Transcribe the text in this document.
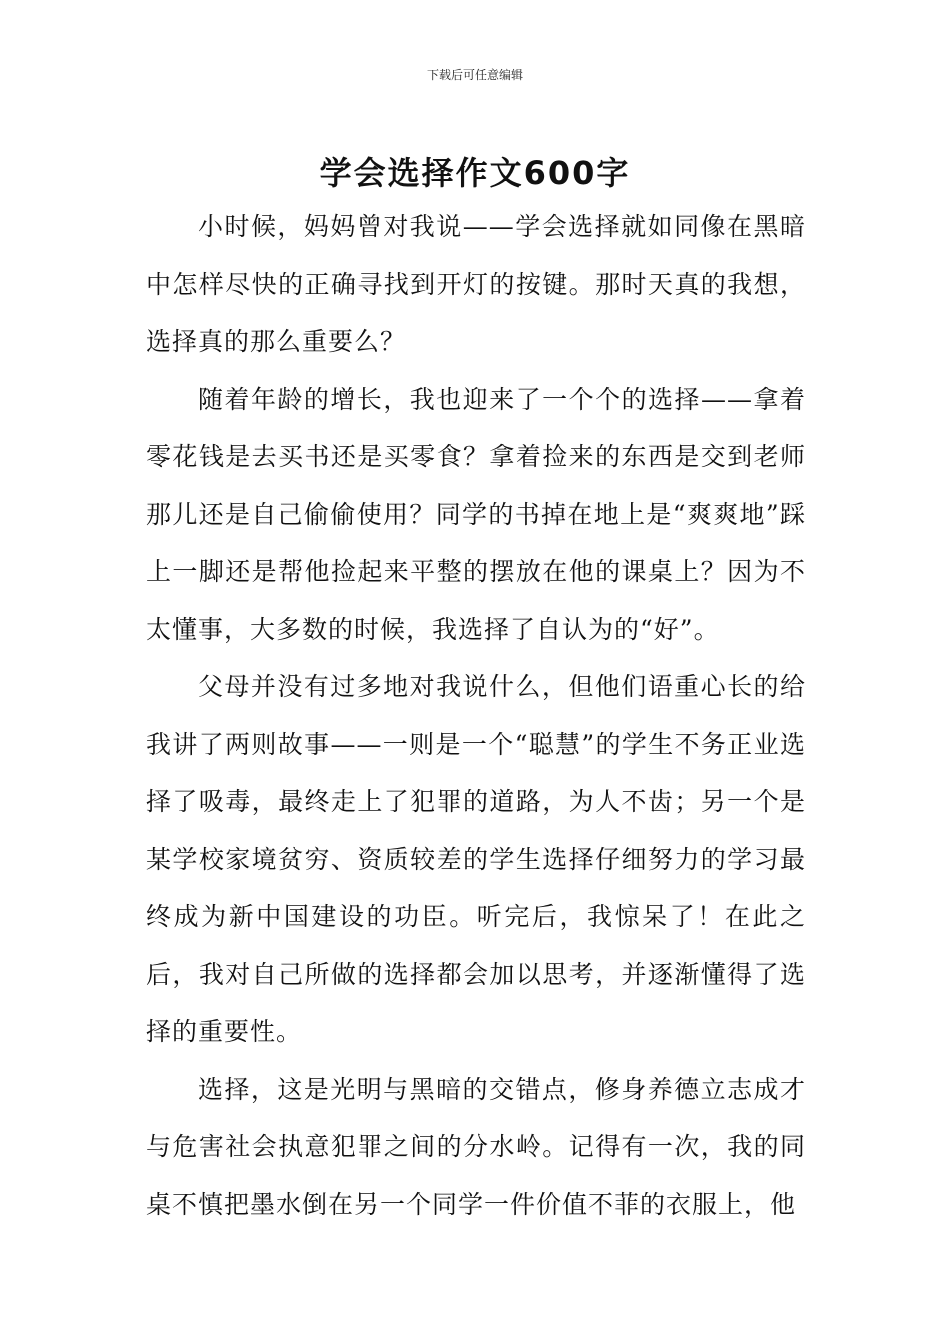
下载后可任意编辑
学会选择作文600字

小时候，妈妈曾对我说——学会选择就如同像在黑暗中怎样尽快的正确寻找到开灯的按键。那时天真的我想，选择真的那么重要么？

随着年龄的增长，我也迎来了一个个的选择——拿着零花钱是去买书还是买零食？拿着捡来的东西是交到老师那儿还是自己偷偷使用？同学的书掉在地上是“爽爽地”踩上一脚还是帮他捡起来平整的摆放在他的课桌上？因为不太懂事，大多数的时候，我选择了自认为的“好”。

父母并没有过多地对我说什么，但他们语重心长的给我讲了两则故事——一则是一个“聪慧”的学生不务正业选择了吸毒，最终走上了犯罪的道路，为人不齿；另一个是某学校家境贫穷、资质较差的学生选择仔细努力的学习最终成为新中国建设的功臣。听完后，我惊呆了！在此之后，我对自己所做的选择都会加以思考，并逐渐懂得了选择的重要性。

选择，这是光明与黑暗的交错点，修身养德立志成才与危害社会执意犯罪之间的分水岭。记得有一次，我的同桌不慎把墨水倒在另一个同学一件价值不菲的衣服上，他
